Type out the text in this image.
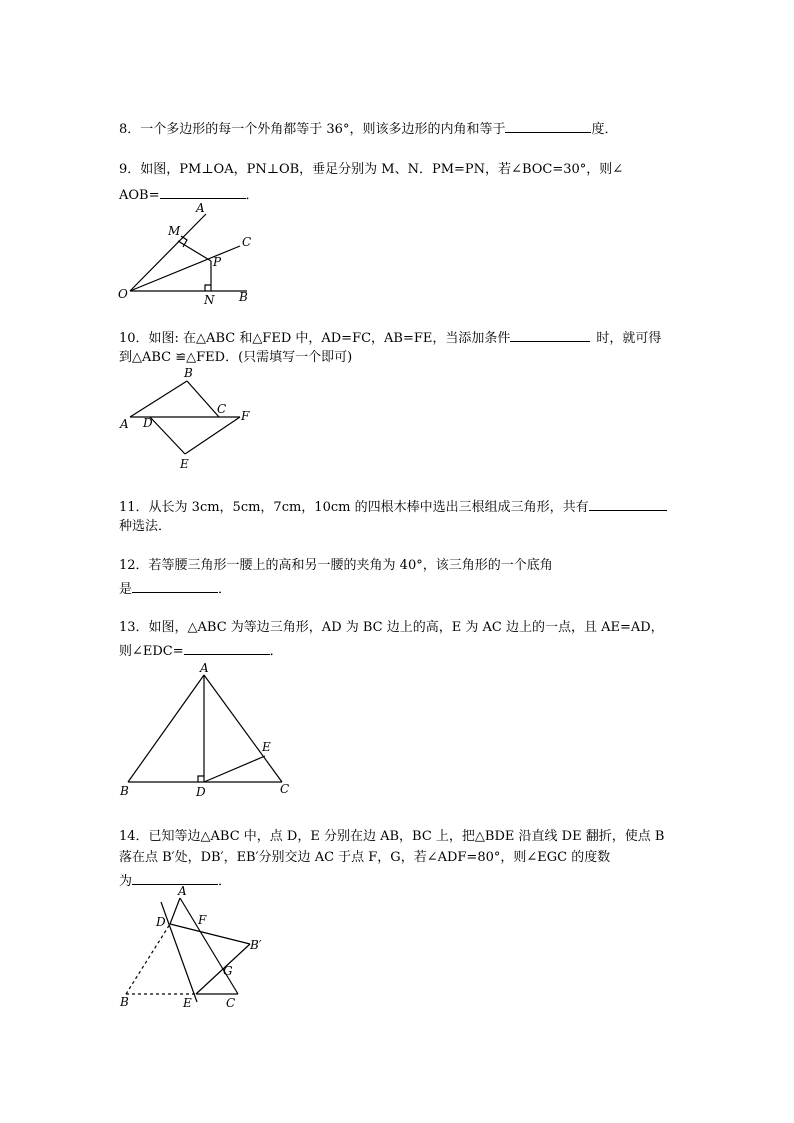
8．一个多边形的每一个外角都等于 36°，则该多边形的内角和等于	度．
9．如图，PM⊥OA，PN⊥OB，垂足分别为 M、N．PM=PN，若∠BOC=30°，则∠
AOB=	．
A
M
C
P
O	N B
10．如图: 在△ABC 和△FED 中，AD=FC，AB=FE，当添加条件	时，就可得
到△ABC ≌△FED．(只需填写一个即可)
B
C F
A D
E
11．从长为 3cm，5cm，7cm，10cm 的四根木棒中选出三根组成三角形，共有
种选法．
12．若等腰三角形一腰上的高和另一腰的夹角为 40°，该三角形的一个底角
是	．
13．如图，△ABC 为等边三角形，AD 为 BC 边上的高，E 为 AC 边上的一点，且 AE=AD，
则∠EDC=	．
A
E
B	D	C
14．已知等边△ABC 中，点 D，E 分别在边 AB，BC 上，把△BDE 沿直线 DE 翻折，使点 B
落在点 B′处，DB′，EB′分别交边 AC 于点 F，G，若∠ADF=80°，则∠EGC 的度数
为	．
A
D	F
B′
G
B	E	C
